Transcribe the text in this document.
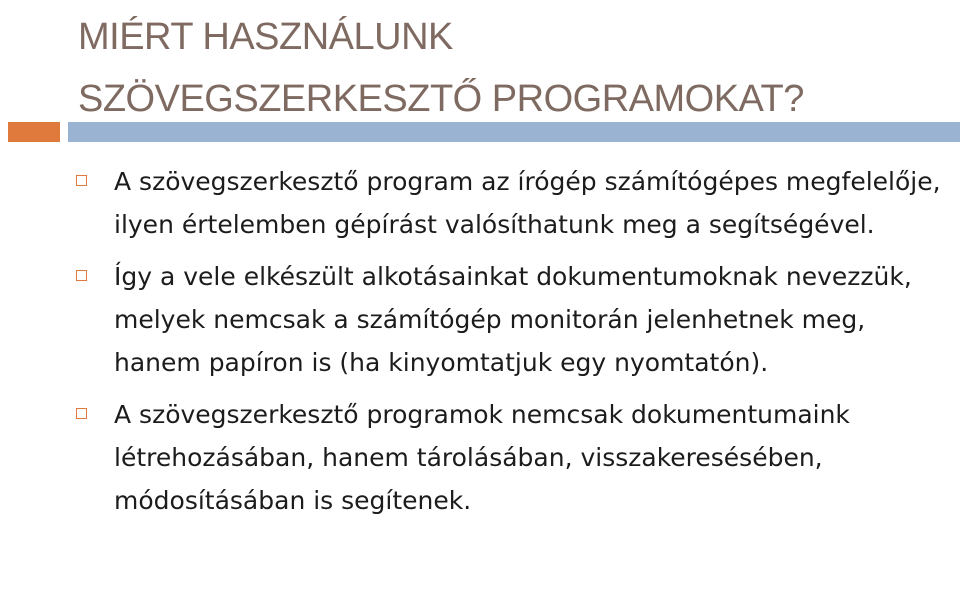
MIÉRT HASZNÁLUNK
SZÖVEGSZERKESZTŐ PROGRAMOKAT?
A szövegszerkesztő program az írógép számítógépes megfelelője, ilyen értelemben gépírást valósíthatunk meg a segítségével.
Így a vele elkészült alkotásainkat dokumentumoknak nevezzük, melyek nemcsak a számítógép monitorán jelenhetnek meg, hanem papíron is (ha kinyomtatjuk egy nyomtatón).
A szövegszerkesztő programok nemcsak dokumentumaink létrehozásában, hanem tárolásában, visszakeresésében, módosításában is segítenek.
